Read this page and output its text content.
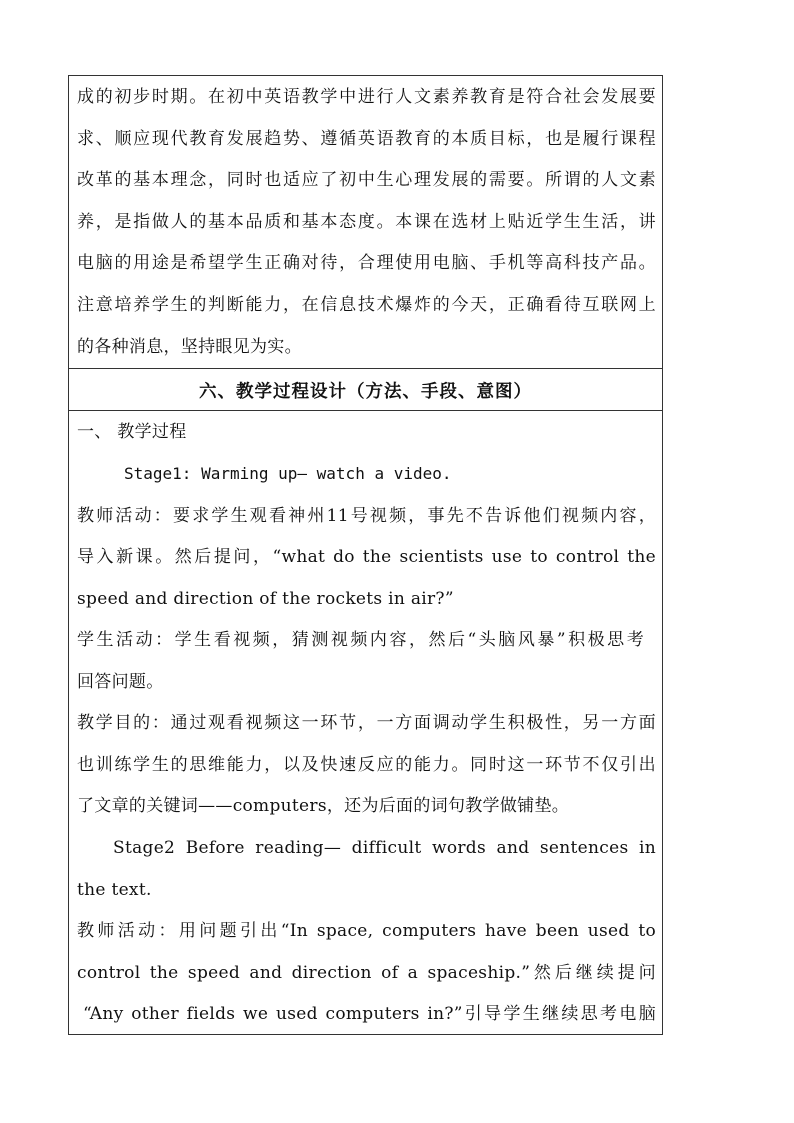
成的初步时期。在初中英语教学中进行人文素养教育是符合社会发展要
求、顺应现代教育发展趋势、遵循英语教育的本质目标，也是履行课程
改革的基本理念，同时也适应了初中生心理发展的需要。所谓的人文素
养，是指做人的基本品质和基本态度。本课在选材上贴近学生生活，讲
电脑的用途是希望学生正确对待，合理使用电脑、手机等高科技产品。
注意培养学生的判断能力，在信息技术爆炸的今天，正确看待互联网上
的各种消息，坚持眼见为实。
六、教学过程设计（方法、手段、意图）
一、 教学过程
Stage1: Warming up— watch a video.
教师活动：要求学生观看神州11号视频，事先不告诉他们视频内容，
导入新课。然后提问，“what do the scientists use to control the
speed and direction of the rockets in air?”
学生活动：学生看视频，猜测视频内容，然后“头脑风暴”积极思考
回答问题。
教学目的：通过观看视频这一环节，一方面调动学生积极性，另一方面
也训练学生的思维能力，以及快速反应的能力。同时这一环节不仅引出
了文章的关键词——computers，还为后面的词句教学做铺垫。
Stage2 Before reading— difficult words and sentences in
the text.
教师活动：用问题引出“In space, computers have been used to
control the speed and direction of a spaceship.”然后继续提问
“Any other fields we used computers in?”引导学生继续思考电脑
